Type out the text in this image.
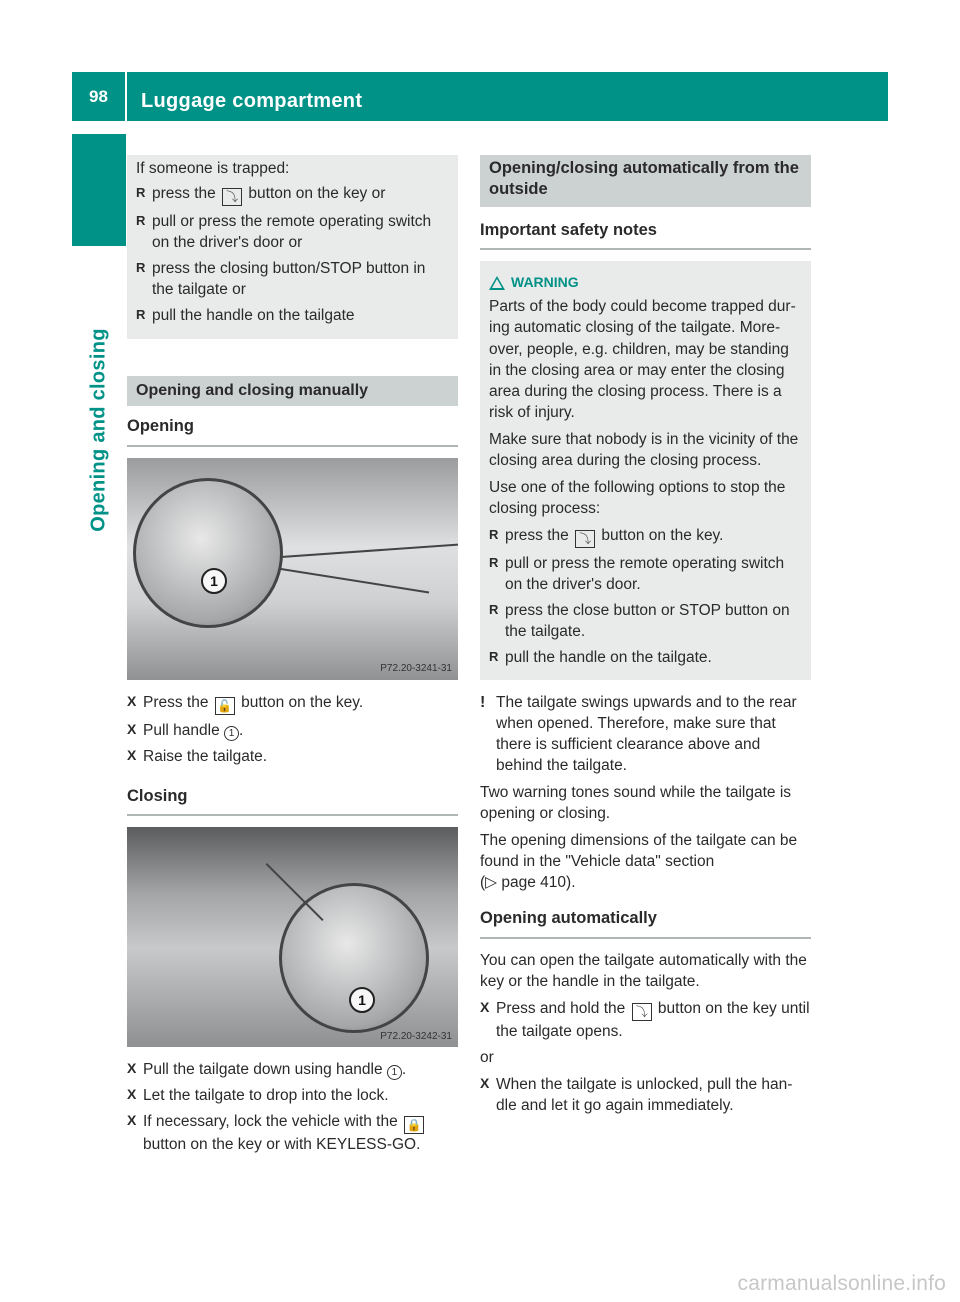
98	Luggage compartment
Opening and closing

If someone is trapped:

R press the ⤵ button on the key or
R pull or press the remote operating switch on the driver's door or
R press the closing button/STOP button in the tailgate or
R pull the handle on the tailgate
Opening and closing manually
Opening
1
P72.20-3241-31
X Press the 🔓 button on the key.
X Pull handle 1 .
X Raise the tailgate.
Closing
1
P72.20-3242-31
X Pull the tailgate down using handle 1 .
X Let the tailgate to drop into the lock.
X If necessary, lock the vehicle with the 🔒 button on the key or with KEYLESS-GO.
Opening/closing automatically from the outside
Important safety notes
WARNING

Parts of the body could become trapped dur-ing automatic closing of the tailgate. More-over, people, e.g. children, may be standing in the closing area or may enter the closing area during the closing process. There is a risk of injury.

Make sure that nobody is in the vicinity of the closing area during the closing process.

Use one of the following options to stop the closing process:

R press the ⤵ button on the key.
R pull or press the remote operating switch on the driver's door.
R press the close button or STOP button on the tailgate.
R pull the handle on the tailgate.
! The tailgate swings upwards and to the rear when opened. Therefore, make sure that there is sufficient clearance above and behind the tailgate.

Two warning tones sound while the tailgate is opening or closing.

The opening dimensions of the tailgate can be found in the "Vehicle data" section
(▷ page 410).

Opening automatically

You can open the tailgate automatically with the key or the handle in the tailgate.

X Press and hold the ⤵ button on the key until the tailgate opens.

or

X When the tailgate is unlocked, pull the han-dle and let it go again immediately.
carmanualsonline.info
